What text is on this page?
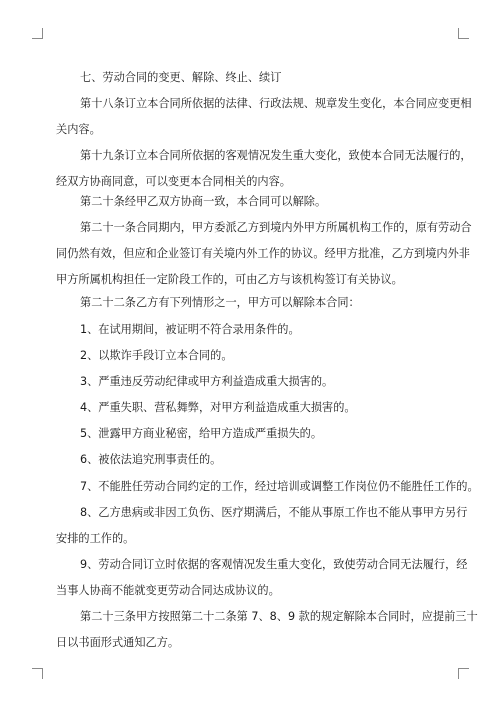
七、劳动合同的变更、解除、终止、续订

第十八条订立本合同所依据的法律、行政法规、规章发生变化，本合同应变更相
关内容。

第十九条订立本合同所依据的客观情况发生重大变化，致使本合同无法履行的，
经双方协商同意，可以变更本合同相关的内容。

第二十条经甲乙双方协商一致，本合同可以解除。

第二十一条合同期内，甲方委派乙方到境内外甲方所属机构工作的，原有劳动合
同仍然有效，但应和企业签订有关境内外工作的协议。经甲方批准，乙方到境内外非
甲方所属机构担任一定阶段工作的，可由乙方与该机构签订有关协议。

第二十二条乙方有下列情形之一，甲方可以解除本合同：

1、在试用期间，被证明不符合录用条件的。

2、以欺诈手段订立本合同的。

3、严重违反劳动纪律或甲方利益造成重大损害的。

4、严重失职、营私舞弊，对甲方利益造成重大损害的。

5、泄露甲方商业秘密，给甲方造成严重损失的。

6、被依法追究刑事责任的。

7、不能胜任劳动合同约定的工作，经过培训或调整工作岗位仍不能胜任工作的。

8、乙方患病或非因工负伤、医疗期满后，不能从事原工作也不能从事甲方另行
安排的工作的。

9、劳动合同订立时依据的客观情况发生重大变化，致使劳动合同无法履行，经
当事人协商不能就变更劳动合同达成协议的。

第二十三条甲方按照第二十二条第 7、8、9 款的规定解除本合同时，应提前三十
日以书面形式通知乙方。
